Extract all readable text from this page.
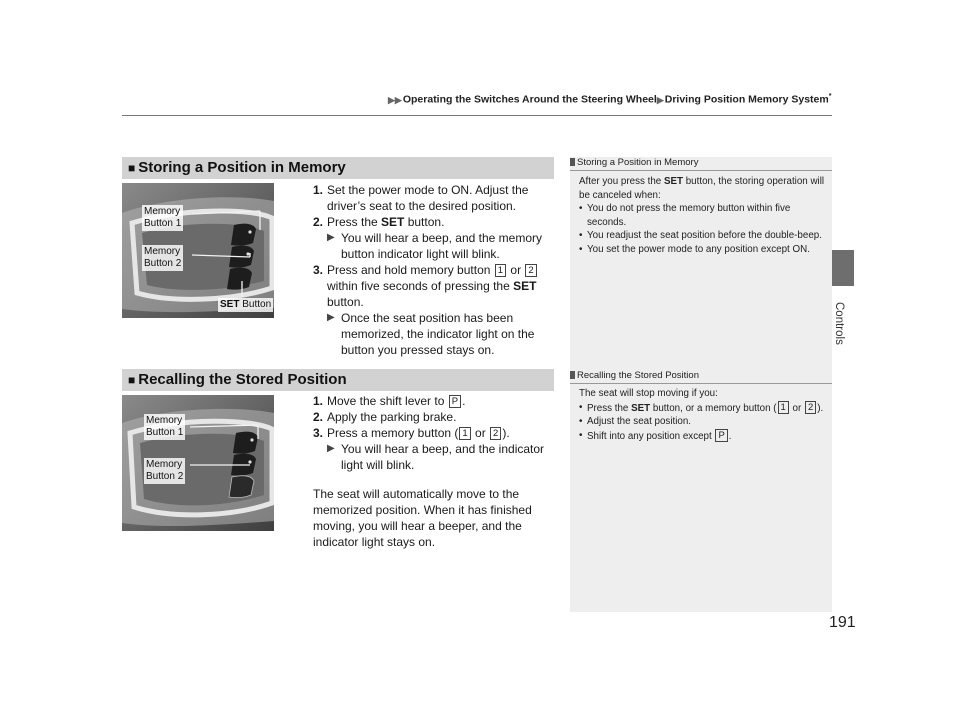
▶▶Operating the Switches Around the Steering Wheel▶Driving Position Memory System*
Controls
191
Storing a Position in Memory

After you press the SET button, the storing operation will be canceled when:

• You do not press the memory button within five seconds.

• You readjust the seat position before the double-beep.

• You set the power mode to any position except ON.

Recalling the Stored Position

The seat will stop moving if you:

• Press the SET button, or a memory button ( 1 or 2 ).

• Adjust the seat position.

• Shift into any position except P .

■ Storing a Position in Memory
Memory
Button 1
Memory
Button 2
SET Button
1. Set the power mode to ON. Adjust the driver’s seat to the desired position.
2. Press the SET button.
▶ You will hear a beep, and the memory button indicator light will blink.
3. Press and hold memory button 1 or 2 within five seconds of pressing the SET button.
▶ Once the seat position has been memorized, the indicator light on the button you pressed stays on.
■ Recalling the Stored Position
Memory
Button 1
Memory
Button 2
1. Move the shift lever to P .
2. Apply the parking brake.
3. Press a memory button ( 1 or 2 ).
▶ You will hear a beep, and the indicator light will blink.
The seat will automatically move to the memorized position. When it has finished moving, you will hear a beeper, and the indicator light stays on.
